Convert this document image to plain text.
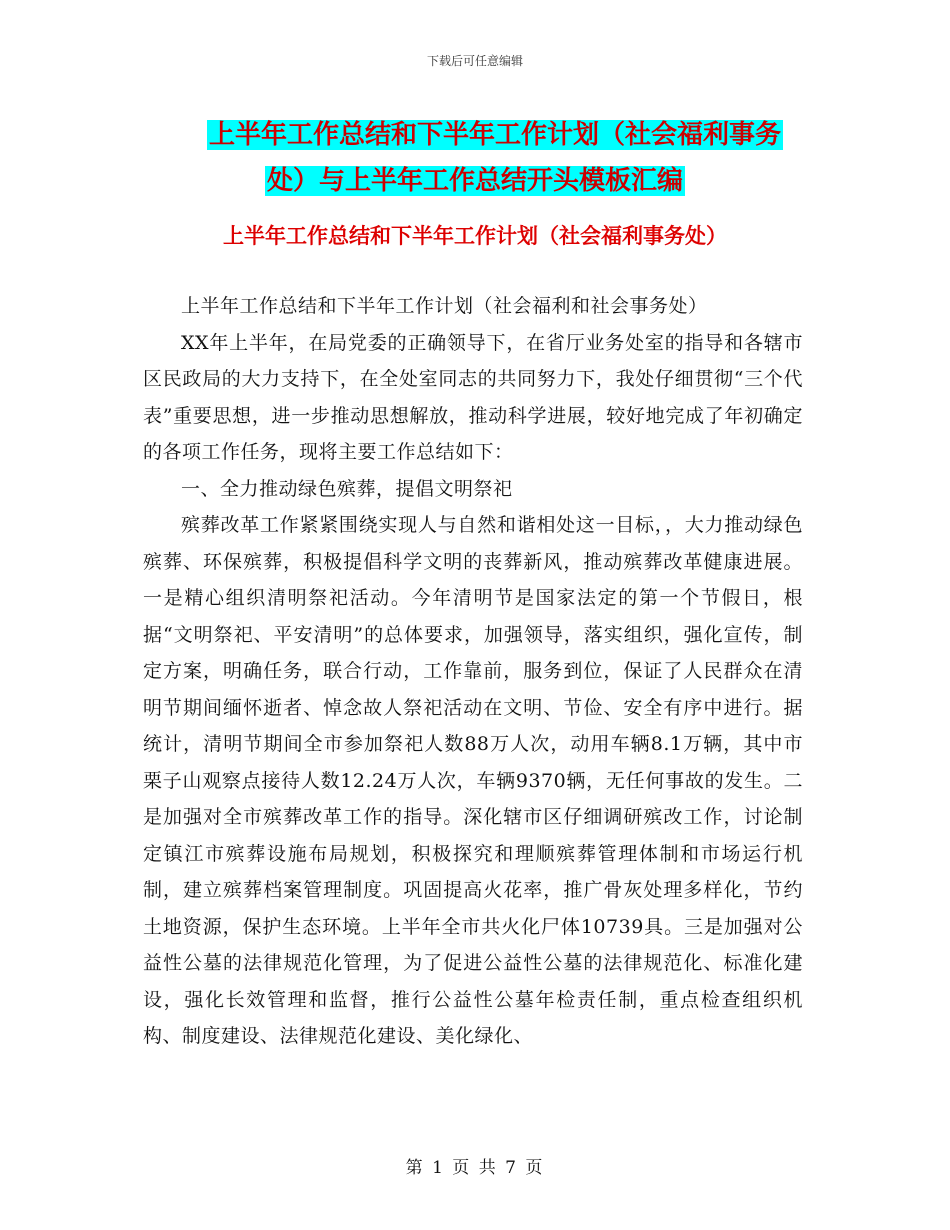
下载后可任意编辑
上半年工作总结和下半年工作计划（社会福利事务
处）与上半年工作总结开头模板汇编
上半年工作总结和下半年工作计划（社会福利事务处）

上半年工作总结和下半年工作计划（社会福利和社会事务处）

XX年上半年，在局党委的正确领导下，在省厅业务处室的指导和各辖市区民政局的大力支持下，在全处室同志的共同努力下，我处仔细贯彻“三个代表”重要思想，进一步推动思想解放，推动科学进展，较好地完成了年初确定的各项工作任务，现将主要工作总结如下：

一、全力推动绿色殡葬，提倡文明祭祀

殡葬改革工作紧紧围绕实现人与自然和谐相处这一目标，，大力推动绿色殡葬、环保殡葬，积极提倡科学文明的丧葬新风，推动殡葬改革健康进展。一是精心组织清明祭祀活动。今年清明节是国家法定的第一个节假日，根据“文明祭祀、平安清明”的总体要求，加强领导，落实组织，强化宣传，制定方案，明确任务，联合行动，工作靠前，服务到位，保证了人民群众在清明节期间缅怀逝者、悼念故人祭祀活动在文明、节俭、安全有序中进行。据统计，清明节期间全市参加祭祀人数88万人次，动用车辆8.1万辆，其中市栗子山观察点接待人数12.24万人次，车辆9370辆，无任何事故的发生。二是加强对全市殡葬改革工作的指导。深化辖市区仔细调研殡改工作，讨论制定镇江市殡葬设施布局规划，积极探究和理顺殡葬管理体制和市场运行机制，建立殡葬档案管理制度。巩固提高火花率，推广骨灰处理多样化，节约土地资源，保护生态环境。上半年全市共火化尸体10739具。三是加强对公益性公墓的法律规范化管理，为了促进公益性公墓的法律规范化、标准化建设，强化长效管理和监督，推行公益性公墓年检责任制，重点检查组织机构、制度建设、法律规范化建设、美化绿化、

第 1 页 共 7 页
